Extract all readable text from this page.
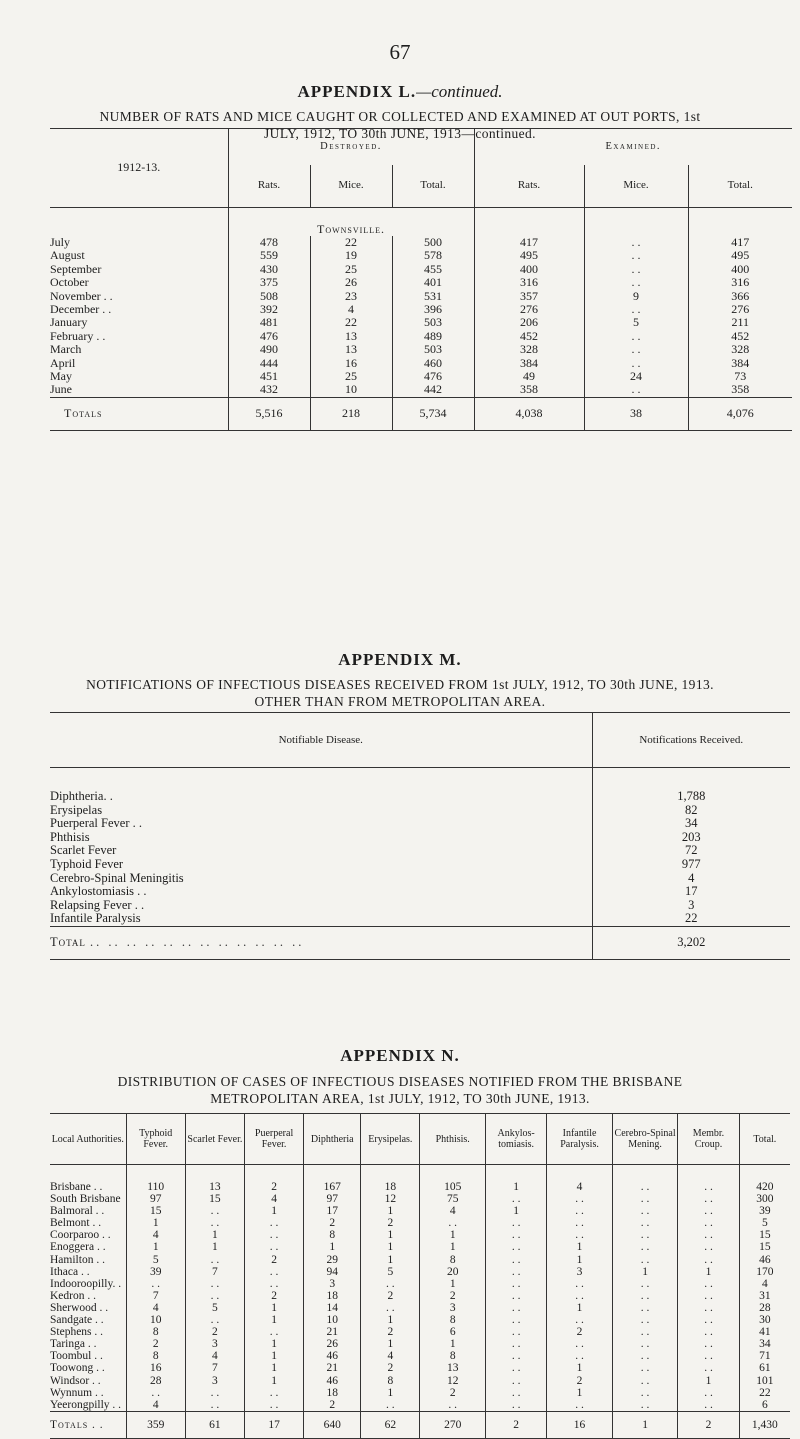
67
APPENDIX L.—continued.
NUMBER OF RATS AND MICE CAUGHT OR COLLECTED AND EXAMINED AT OUT PORTS, 1st
JULY, 1912, TO 30th JUNE, 1913—continued.
1912-13.	Destroyed.			Examined.		
	Rats.	Mice.	Total.	Rats.	Mice.	Total.
	Townsville.					
July	478	22	500	417	. .	417
August	559	19	578	495	. .	495
September	430	25	455	400	. .	400
October	375	26	401	316	. .	316
November . .	508	23	531	357	9	366
December . .	392	4	396	276	. .	276
January	481	22	503	206	5	211
February . .	476	13	489	452	. .	452
March	490	13	503	328	. .	328
April	444	16	460	384	. .	384
May	451	25	476	49	24	73
June	432	10	442	358	. .	358
Totals	5,516	218	5,734	4,038	38	4,076
APPENDIX M.
NOTIFICATIONS OF INFECTIOUS DISEASES RECEIVED FROM 1st JULY, 1912, TO 30th JUNE, 1913.
OTHER THAN FROM METROPOLITAN AREA.
Notifiable Disease.	Notifications Received.
Diphtheria. .	1,788
Erysipelas	82
Puerperal Fever . .	34
Phthisis	203
Scarlet Fever	72
Typhoid Fever	977
Cerebro-Spinal Meningitis	4
Ankylostomiasis . .	17
Relapsing Fever . .	3
Infantile Paralysis	22
Total .. .. .. .. .. .. .. .. .. .. .. ..	3,202
APPENDIX N.
DISTRIBUTION OF CASES OF INFECTIOUS DISEASES NOTIFIED FROM THE BRISBANE
METROPOLITAN AREA, 1st JULY, 1912, TO 30th JUNE, 1913.
Local Authorities.	Typhoid Fever.	Scarlet Fever.	Puerperal Fever.	Diphtheria	Erysipelas.	Phthisis.	Ankylos-tomiasis.	Infantile Paralysis.	Cerebro-Spinal Mening.	Membr. Croup.	Total.
Brisbane . .	110	13	2	167	18	105	1	4	. .	. .	420
South Brisbane	97	15	4	97	12	75	. .	. .	. .	. .	300
Balmoral . .	15	. .	1	17	1	4	1	. .	. .	. .	39
Belmont . .	1	. .	. .	2	2	. .	. .	. .	. .	. .	5
Coorparoo . .	4	1	. .	8	1	1	. .	. .	. .	. .	15
Enoggera . .	1	1	. .	1	1	1	. .	1	. .	. .	15
Hamilton . .	5	. .	2	29	1	8	. .	1	. .	. .	46
Ithaca . .	39	7	. .	94	5	20	. .	3	1	1	170
Indooroopilly. .	. .	. .	. .	3	. .	1	. .	. .	. .	. .	4
Kedron . .	7	. .	2	18	2	2	. .	. .	. .	. .	31
Sherwood . .	4	5	1	14	. .	3	. .	1	. .	. .	28
Sandgate . .	10	. .	1	10	1	8	. .	. .	. .	. .	30
Stephens . .	8	2	. .	21	2	6	. .	2	. .	. .	41
Taringa . .	2	3	1	26	1	1	. .	. .	. .	. .	34
Toombul . .	8	4	1	46	4	8	. .	. .	. .	. .	71
Toowong . .	16	7	1	21	2	13	. .	1	. .	. .	61
Windsor . .	28	3	1	46	8	12	. .	2	. .	1	101
Wynnum . .	. .	. .	. .	18	1	2	. .	1	. .	. .	22
Yeerongpilly . .	4	. .	. .	2	. .	. .	. .	. .	. .	. .	6
Totals . .	359	61	17	640	62	270	2	16	1	2	1,430
